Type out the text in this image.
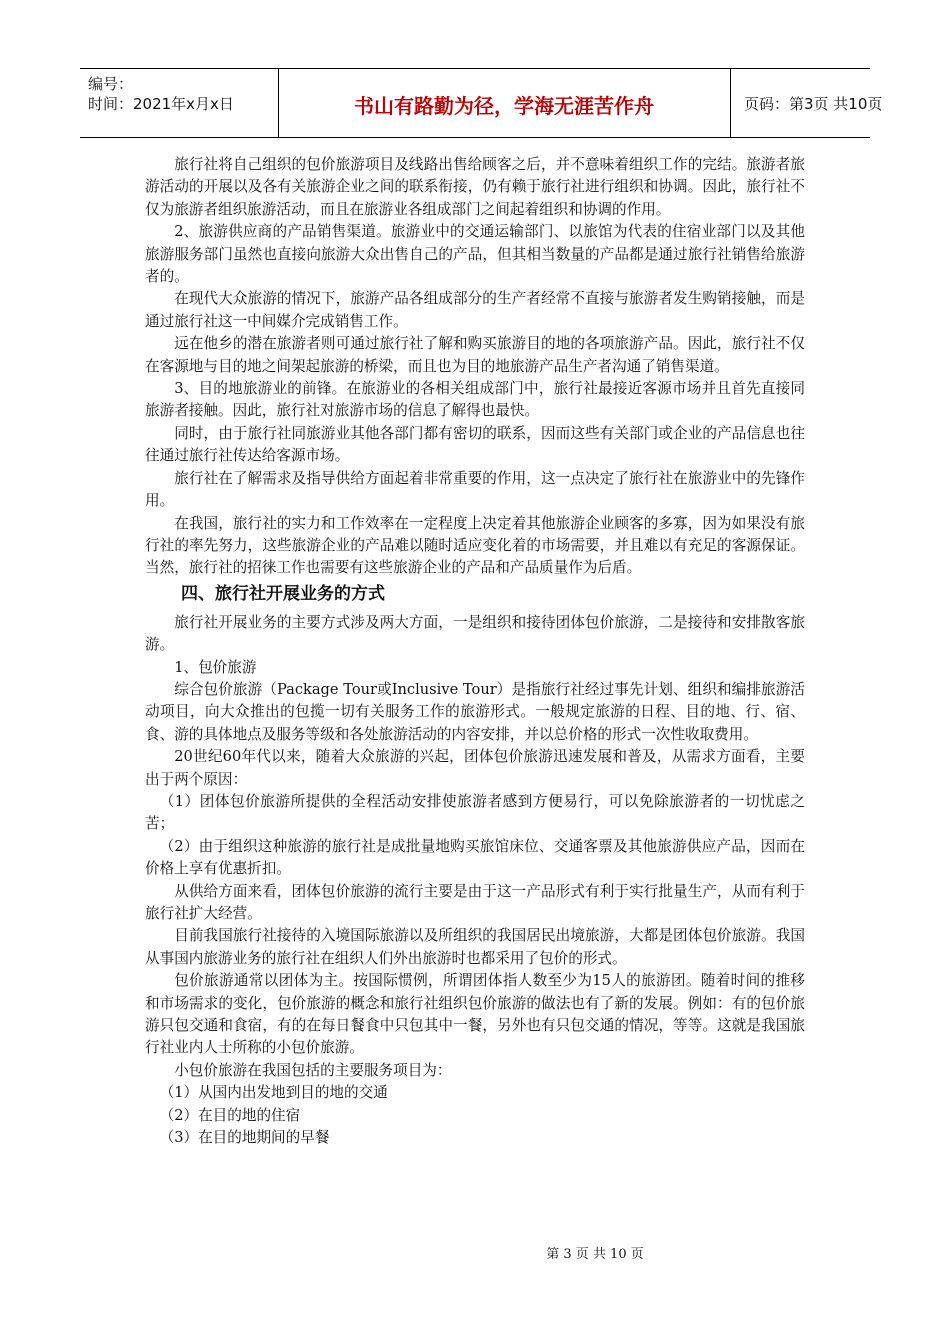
编号：
时间：2021年x月x日	书山有路勤为径，学海无涯苦作舟	页码：第3页 共10页

旅行社将自己组织的包价旅游项目及线路出售给顾客之后，并不意味着组织工作的完结。旅游者旅游活动的开展以及各有关旅游企业之间的联系衔接，仍有赖于旅行社进行组织和协调。因此，旅行社不仅为旅游者组织旅游活动，而且在旅游业各组成部门之间起着组织和协调的作用。

2、旅游供应商的产品销售渠道。旅游业中的交通运输部门、以旅馆为代表的住宿业部门以及其他旅游服务部门虽然也直接向旅游大众出售自己的产品，但其相当数量的产品都是通过旅行社销售给旅游者的。

在现代大众旅游的情况下，旅游产品各组成部分的生产者经常不直接与旅游者发生购销接触，而是通过旅行社这一中间媒介完成销售工作。

远在他乡的潜在旅游者则可通过旅行社了解和购买旅游目的地的各项旅游产品。因此，旅行社不仅在客源地与目的地之间架起旅游的桥梁，而且也为目的地旅游产品生产者沟通了销售渠道。

3、目的地旅游业的前锋。在旅游业的各相关组成部门中，旅行社最接近客源市场并且首先直接同旅游者接触。因此，旅行社对旅游市场的信息了解得也最快。

同时，由于旅行社同旅游业其他各部门都有密切的联系，因而这些有关部门或企业的产品信息也往往通过旅行社传达给客源市场。

旅行社在了解需求及指导供给方面起着非常重要的作用，这一点决定了旅行社在旅游业中的先锋作用。

在我国，旅行社的实力和工作效率在一定程度上决定着其他旅游企业顾客的多寡，因为如果没有旅行社的率先努力，这些旅游企业的产品难以随时适应变化着的市场需要，并且难以有充足的客源保证。当然，旅行社的招徕工作也需要有这些旅游企业的产品和产品质量作为后盾。

四、旅行社开展业务的方式

旅行社开展业务的主要方式涉及两大方面，一是组织和接待团体包价旅游，二是接待和安排散客旅游。

1、包价旅游

综合包价旅游（Package Tour或Inclusive Tour）是指旅行社经过事先计划、组织和编排旅游活动项目，向大众推出的包揽一切有关服务工作的旅游形式。一般规定旅游的日程、目的地、行、宿、食、游的具体地点及服务等级和各处旅游活动的内容安排，并以总价格的形式一次性收取费用。

20世纪60年代以来，随着大众旅游的兴起，团体包价旅游迅速发展和普及，从需求方面看，主要出于两个原因：

（1）团体包价旅游所提供的全程活动安排使旅游者感到方便易行，可以免除旅游者的一切忧虑之苦；

（2）由于组织这种旅游的旅行社是成批量地购买旅馆床位、交通客票及其他旅游供应产品，因而在价格上享有优惠折扣。

从供给方面来看，团体包价旅游的流行主要是由于这一产品形式有利于实行批量生产，从而有利于旅行社扩大经营。

目前我国旅行社接待的入境国际旅游以及所组织的我国居民出境旅游，大都是团体包价旅游。我国从事国内旅游业务的旅行社在组织人们外出旅游时也都采用了包价的形式。

包价旅游通常以团体为主。按国际惯例，所谓团体指人数至少为15人的旅游团。随着时间的推移和市场需求的变化，包价旅游的概念和旅行社组织包价旅游的做法也有了新的发展。例如：有的包价旅游只包交通和食宿，有的在每日餐食中只包其中一餐，另外也有只包交通的情况，等等。这就是我国旅行社业内人士所称的小包价旅游。

小包价旅游在我国包括的主要服务项目为：

（1）从国内出发地到目的地的交通

（2）在目的地的住宿

（3）在目的地期间的早餐

第 3 页 共 10 页
